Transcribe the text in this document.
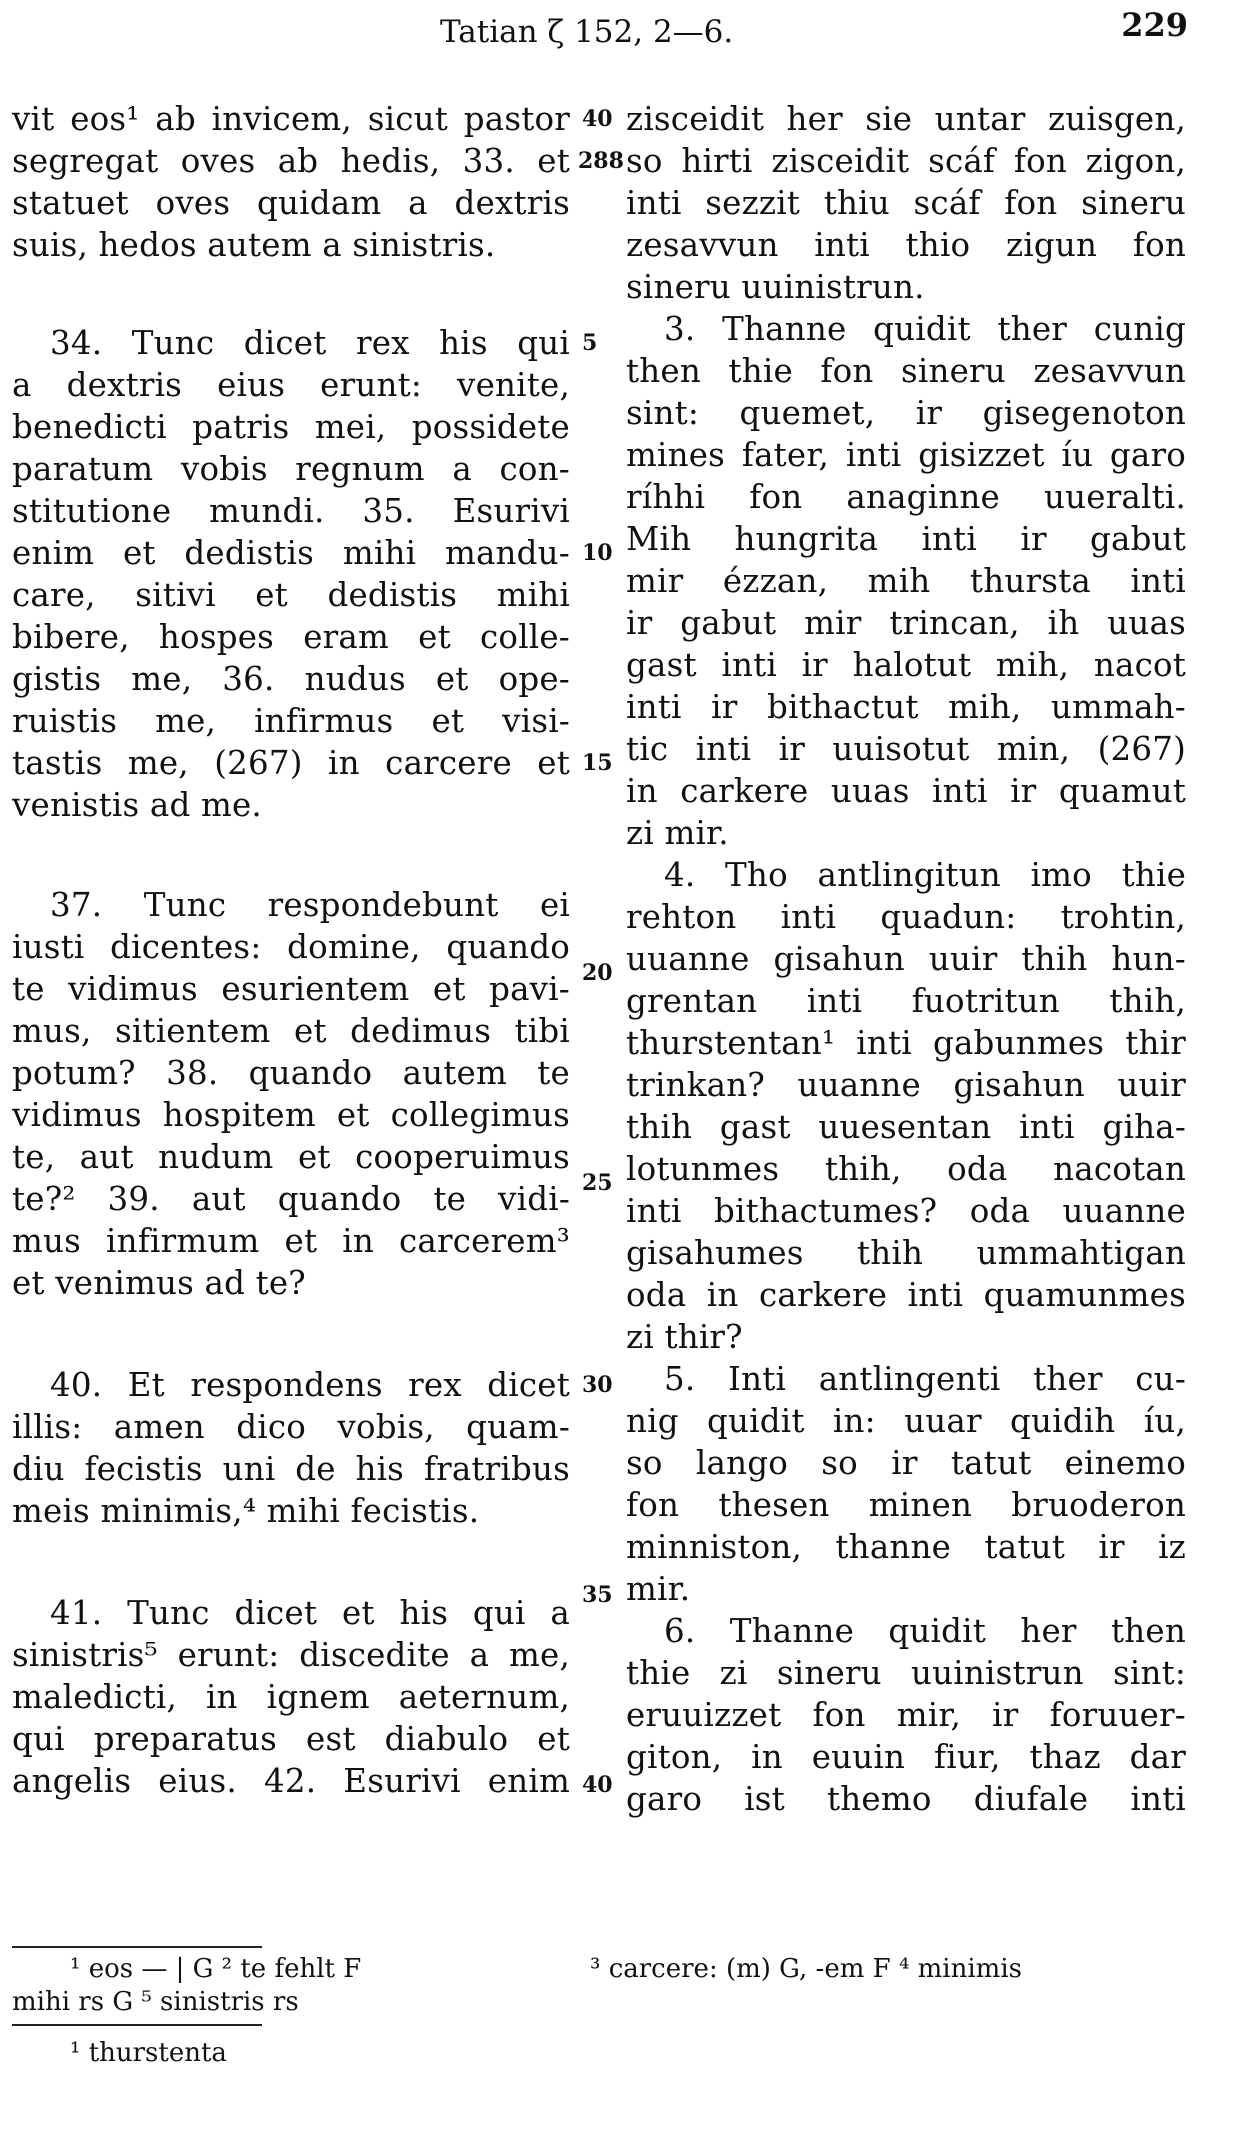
Tatian ζ 152, 2—6.	229
vit eos¹ ab invicem, sicut pastor
segregat oves ab hedis, 33. et
statuet oves quidam a dextris
suis, hedos autem a sinistris.
34. Tunc dicet rex his qui
a dextris eius erunt: venite,
benedicti patris mei, possidete
paratum vobis regnum a con-
stitutione mundi. 35. Esurivi
enim et dedistis mihi mandu-
care, sitivi et dedistis mihi
bibere, hospes eram et colle-
gistis me, 36. nudus et ope-
ruistis me, infirmus et visi-
tastis me, (267) in carcere et
venistis ad me.
37. Tunc respondebunt ei
iusti dicentes: domine, quando
te vidimus esurientem et pavi-
mus, sitientem et dedimus tibi
potum? 38. quando autem te
vidimus hospitem et collegimus
te, aut nudum et cooperuimus
te?² 39. aut quando te vidi-
mus infirmum et in carcerem³
et venimus ad te?
40. Et respondens rex dicet
illis: amen dico vobis, quam-
diu fecistis uni de his fratribus
meis minimis,⁴ mihi fecistis.
41. Tunc dicet et his qui a
sinistris⁵ erunt: discedite a me,
maledicti, in ignem aeternum,
qui preparatus est diabulo et
angelis eius. 42. Esurivi enim
zisceidit her sie untar zuisgen,
so hirti zisceidit scáf fon zigon,
inti sezzit thiu scáf fon sineru
zesavvun inti thio zigun fon
sineru uuinistrun.
3. Thanne quidit ther cunig
then thie fon sineru zesavvun
sint: quemet, ir gisegenoton
mines fater, inti gisizzet íu garo
ríhhi fon anaginne uueralti.
Mih hungrita inti ir gabut
mir ézzan, mih thursta inti
ir gabut mir trincan, ih uuas
gast inti ir halotut mih, nacot
inti ir bithactut mih, ummah-
tic inti ir uuisotut min, (267)
in carkere uuas inti ir quamut
zi mir.
4. Tho antlingitun imo thie
rehton inti quadun: trohtin,
uuanne gisahun uuir thih hun-
grentan inti fuotritun thih,
thurstentan¹ inti gabunmes thir
trinkan? uuanne gisahun uuir
thih gast uuesentan inti giha-
lotunmes thih, oda nacotan
inti bithactumes? oda uuanne
gisahumes thih ummahtigan
oda in carkere inti quamunmes
zi thir?
5. Inti antlingenti ther cu-
nig quidit in: uuar quidih íu,
so lango so ir tatut einemo
fon thesen minen bruoderon
minniston, thanne tatut ir iz
mir.
6. Thanne quidit her then
thie zi sineru uuinistrun sint:
eruuizzet fon mir, ir foruuer-
giton, in euuin fiur, thaz dar
garo ist themo diufale inti
40
5
10
15
20
25
30
35
40
288
¹ eos — | G ² te fehlt F	³ carcere: (m) G, -em F ⁴ minimis
mihi rs G ⁵ sinistris rs
¹ thurstenta
